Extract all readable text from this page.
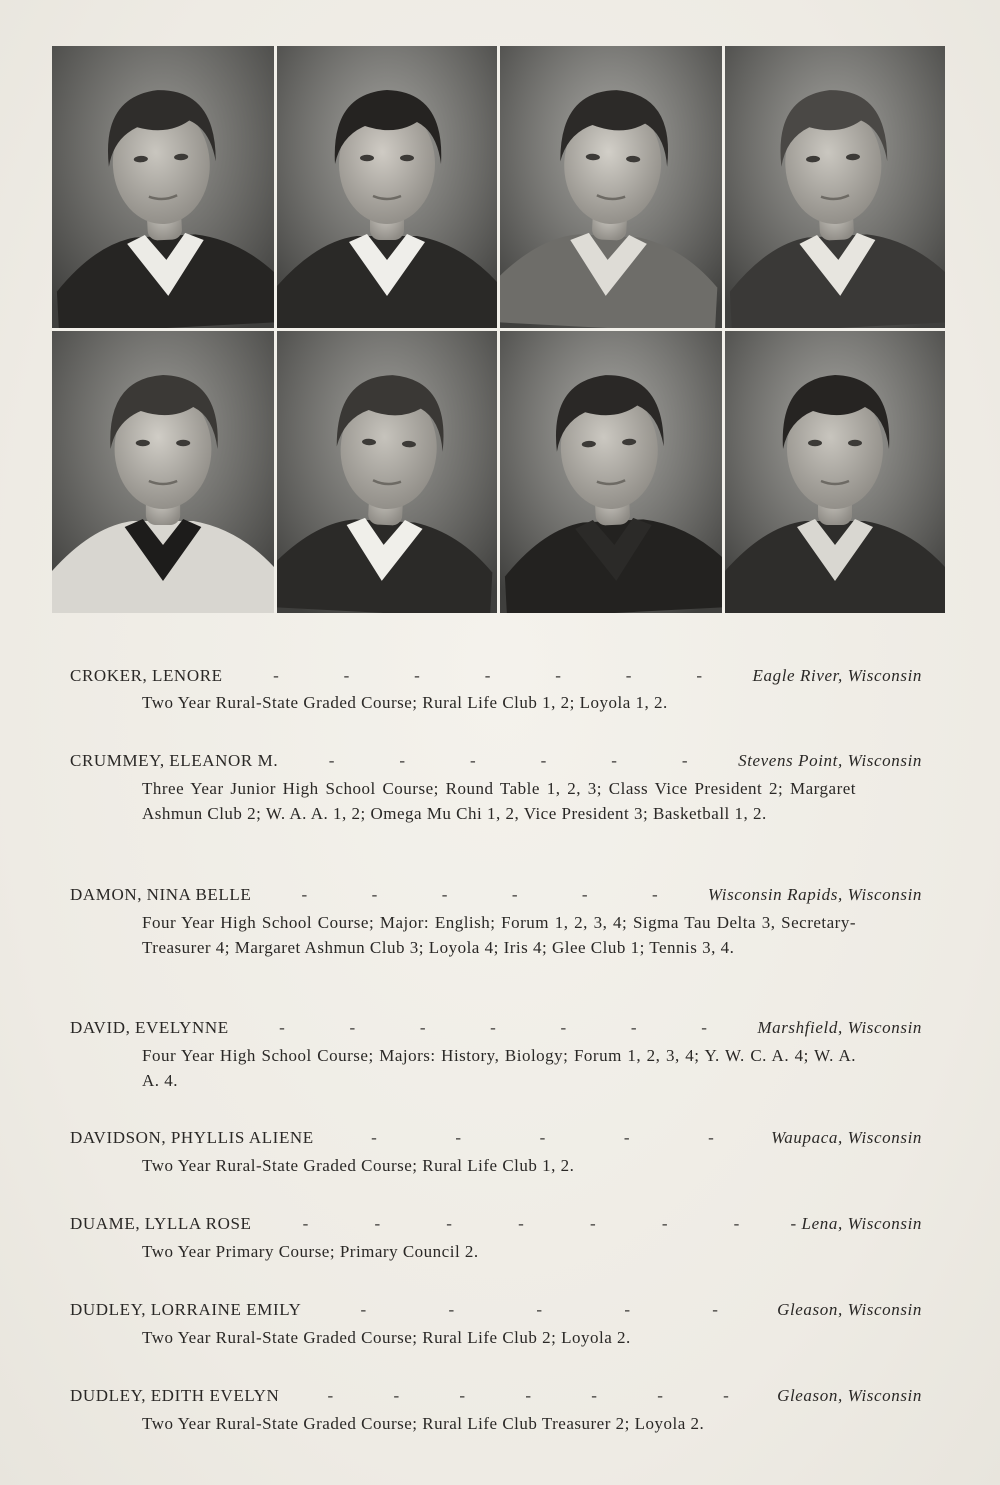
CROKER, LENORE	-	-	-	-	-	-	-	Eagle River, Wisconsin
Two Year Rural-State Graded Course; Rural Life Club 1, 2; Loyola 1, 2.
CRUMMEY, ELEANOR M.	-	-	-	-	-	-	Stevens Point, Wisconsin
Three Year Junior High School Course; Round Table 1, 2, 3; Class Vice President 2; Margaret Ashmun Club 2; W. A. A. 1, 2; Omega Mu Chi 1, 2, Vice President 3; Basketball 1, 2.
DAMON, NINA BELLE	-	-	-	-	-	-	Wisconsin Rapids, Wisconsin
Four Year High School Course; Major: English; Forum 1, 2, 3, 4; Sigma Tau Delta 3, Secretary-Treasurer 4; Margaret Ashmun Club 3; Loyola 4; Iris 4; Glee Club 1; Tennis 3, 4.
DAVID, EVELYNNE	-	-	-	-	-	-	-	Marshfield, Wisconsin
Four Year High School Course; Majors: History, Biology; Forum 1, 2, 3, 4; Y. W. C. A. 4; W. A. A. 4.
DAVIDSON, PHYLLIS ALIENE	-	-	-	-	-	Waupaca, Wisconsin
Two Year Rural-State Graded Course; Rural Life Club 1, 2.
DUAME, LYLLA ROSE	-	-	-	-	-	-	-	- Lena, Wisconsin
Two Year Primary Course; Primary Council 2.
DUDLEY, LORRAINE EMILY	-	-	-	-	-	Gleason, Wisconsin
Two Year Rural-State Graded Course; Rural Life Club 2; Loyola 2.
DUDLEY, EDITH EVELYN	-	-	-	-	-	-	-	Gleason, Wisconsin
Two Year Rural-State Graded Course; Rural Life Club Treasurer 2; Loyola 2.
